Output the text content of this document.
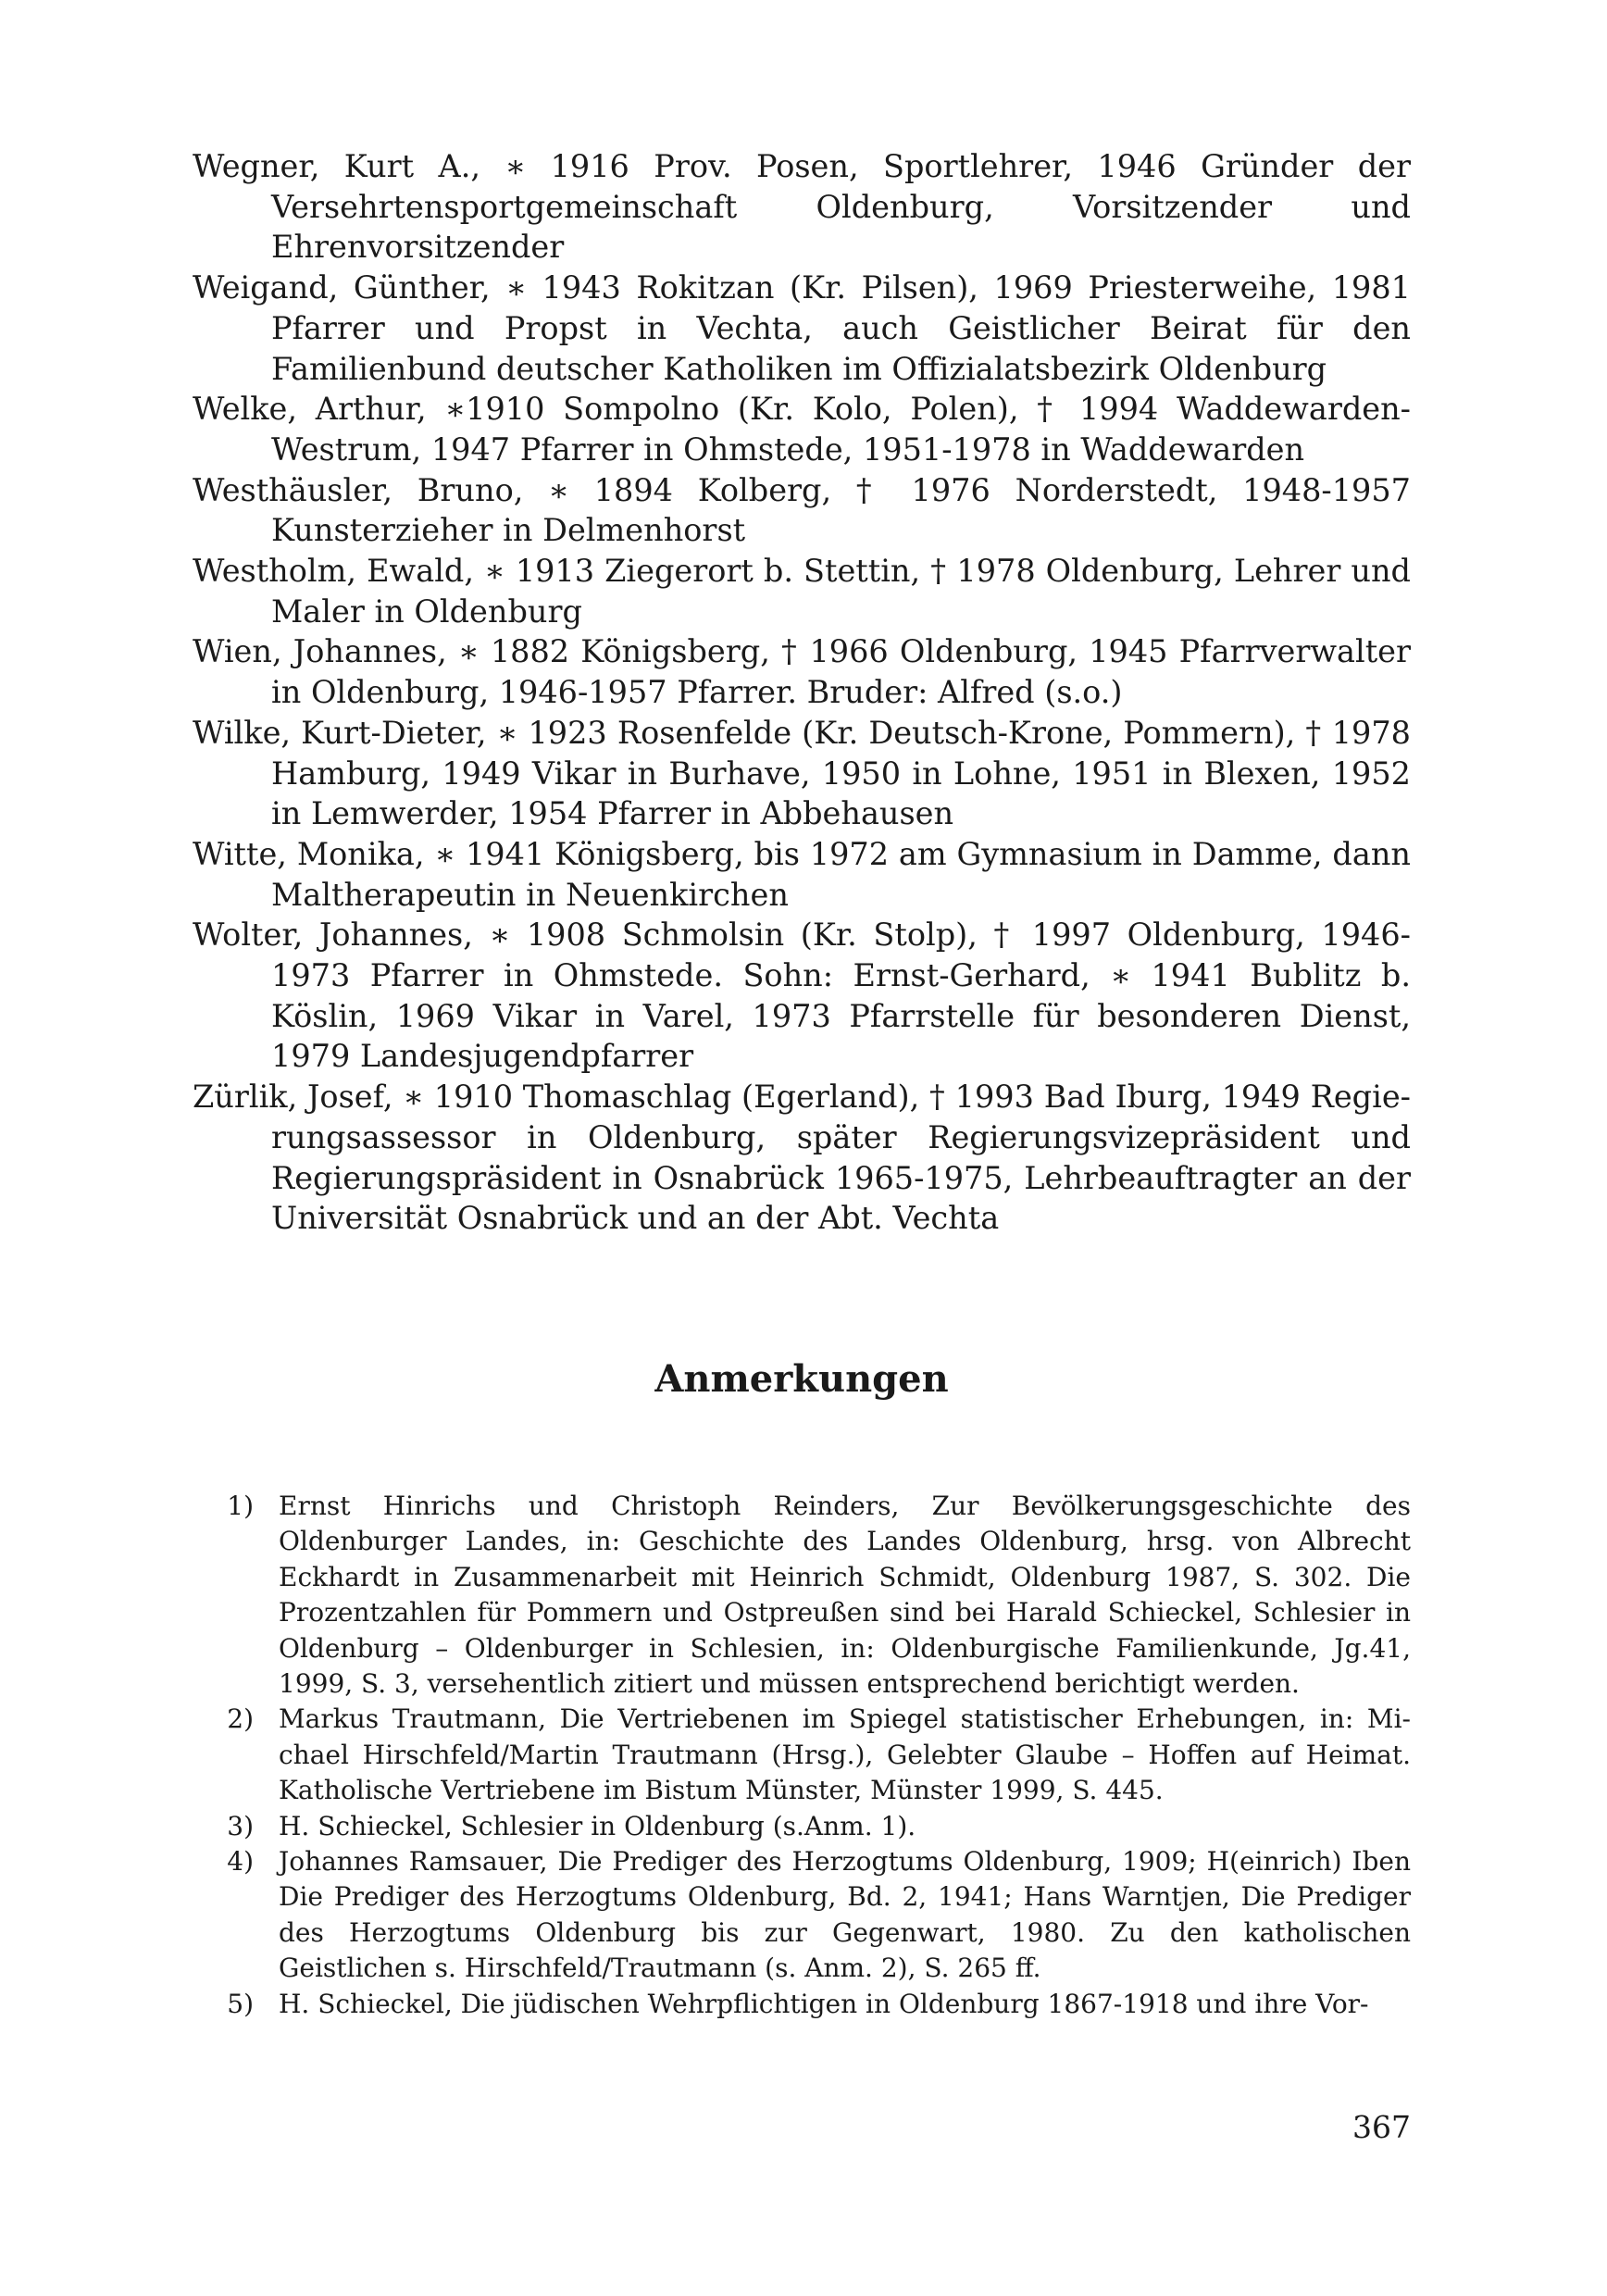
Wegner, Kurt A., ∗ 1916 Prov. Posen, Sportlehrer, 1946 Gründer der Versehrtensportgemeinschaft Oldenburg, Vorsitzender und Ehrenvorsitzender

Weigand, Günther, ∗ 1943 Rokitzan (Kr. Pilsen), 1969 Priesterweihe, 1981 Pfarrer und Propst in Vechta, auch Geistlicher Beirat für den Familienbund deutscher Katholiken im Offizialatsbezirk Oldenburg

Welke, Arthur, ∗1910 Sompolno (Kr. Kolo, Polen), † 1994 Waddewarden-Westrum, 1947 Pfarrer in Ohmstede, 1951-1978 in Waddewarden

Westhäusler, Bruno, ∗ 1894 Kolberg, † 1976 Norderstedt, 1948-1957 Kunsterzieher in Delmenhorst

Westholm, Ewald, ∗ 1913 Ziegerort b. Stettin, † 1978 Oldenburg, Lehrer und Maler in Oldenburg

Wien, Johannes, ∗ 1882 Königsberg, † 1966 Oldenburg, 1945 Pfarrverwalter in Oldenburg, 1946-1957 Pfarrer. Bruder: Alfred (s.o.)

Wilke, Kurt-Dieter, ∗ 1923 Rosenfelde (Kr. Deutsch-Krone, Pommern), † 1978 Hamburg, 1949 Vikar in Burhave, 1950 in Lohne, 1951 in Blexen, 1952 in Lemwerder, 1954 Pfarrer in Abbehausen

Witte, Monika, ∗ 1941 Königsberg, bis 1972 am Gymnasium in Damme, dann Maltherapeutin in Neuenkirchen

Wolter, Johannes, ∗ 1908 Schmolsin (Kr. Stolp), † 1997 Oldenburg, 1946-1973 Pfarrer in Ohmstede. Sohn: Ernst-Gerhard, ∗ 1941 Bublitz b. Köslin, 1969 Vikar in Varel, 1973 Pfarrstelle für besonderen Dienst, 1979 Landesjugendpfarrer

Zürlik, Josef, ∗ 1910 Thomaschlag (Egerland), † 1993 Bad Iburg, 1949 Regierungsassessor in Oldenburg, später Regierungsvizepräsident und Regierungspräsident in Osnabrück 1965-1975, Lehrbeauftragter an der Universität Osnabrück und an der Abt. Vechta

Anmerkungen
1) Ernst Hinrichs und Christoph Reinders, Zur Bevölkerungsgeschichte des Oldenburger Landes, in: Geschichte des Landes Oldenburg, hrsg. von Albrecht Eckhardt in Zusammenarbeit mit Heinrich Schmidt, Oldenburg 1987, S. 302. Die Prozentzahlen für Pommern und Ostpreußen sind bei Harald Schieckel, Schlesier in Oldenburg – Oldenburger in Schlesien, in: Oldenburgische Familienkunde, Jg.41, 1999, S. 3, versehentlich zitiert und müssen entsprechend berichtigt werden.
2) Markus Trautmann, Die Vertriebenen im Spiegel statistischer Erhebungen, in: Michael Hirschfeld/Martin Trautmann (Hrsg.), Gelebter Glaube – Hoffen auf Heimat. Katholische Vertriebene im Bistum Münster, Münster 1999, S. 445.
3) H. Schieckel, Schlesier in Oldenburg (s.Anm. 1).
4) Johannes Ramsauer, Die Prediger des Herzogtums Oldenburg, 1909; H(einrich) Iben Die Prediger des Herzogtums Oldenburg, Bd. 2, 1941; Hans Warntjen, Die Prediger des Herzogtums Oldenburg bis zur Gegenwart, 1980. Zu den katholischen Geistlichen s. Hirschfeld/Trautmann (s. Anm. 2), S. 265 ff.
5) H. Schieckel, Die jüdischen Wehrpflichtigen in Oldenburg 1867-1918 und ihre Vor-

367
